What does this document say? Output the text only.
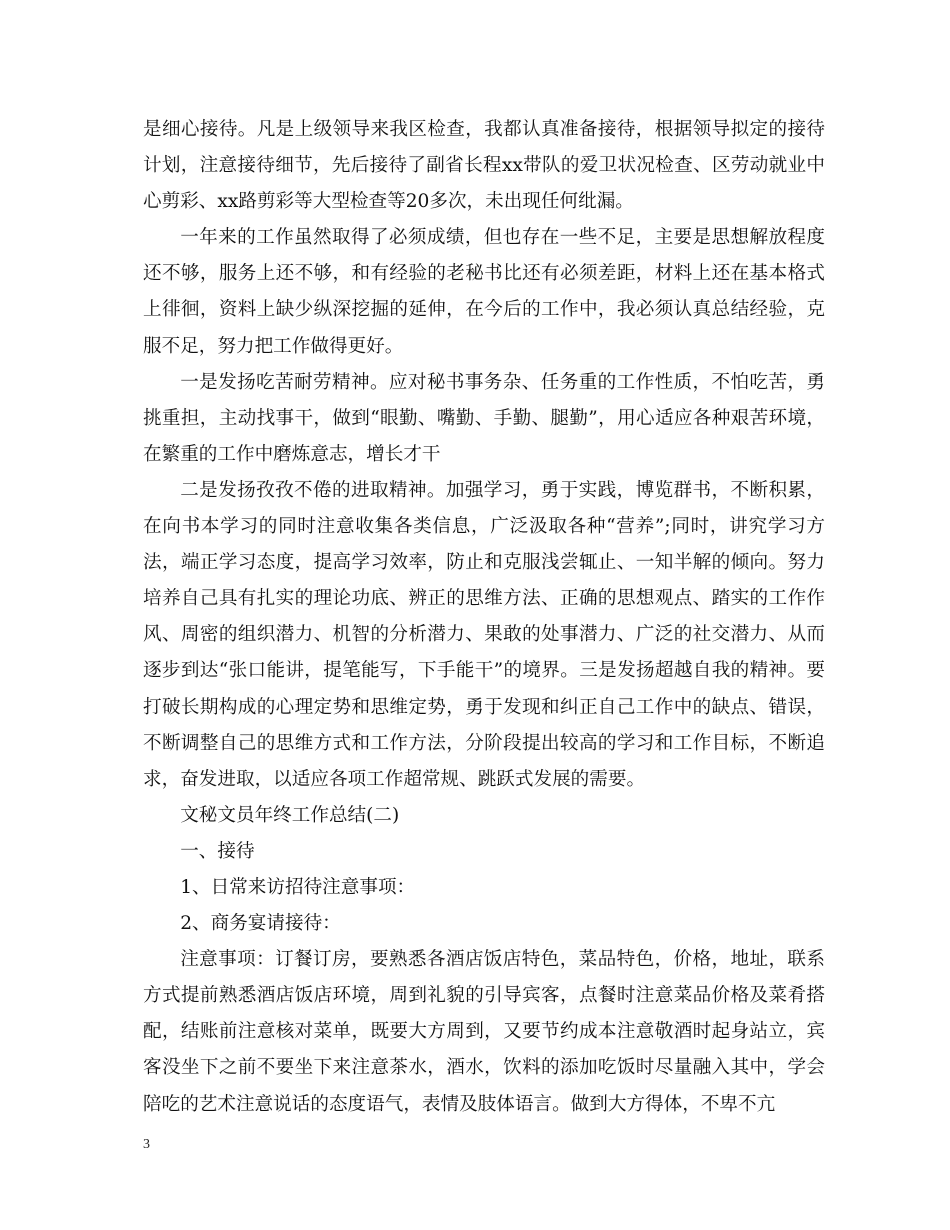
是细心接待。凡是上级领导来我区检查，我都认真准备接待，根据领导拟定的接待计划，注意接待细节，先后接待了副省长程xx带队的爱卫状况检查、区劳动就业中心剪彩、xx路剪彩等大型检查等20多次，未出现任何纰漏。

一年来的工作虽然取得了必须成绩，但也存在一些不足，主要是思想解放程度还不够，服务上还不够，和有经验的老秘书比还有必须差距，材料上还在基本格式上徘徊，资料上缺少纵深挖掘的延伸，在今后的工作中，我必须认真总结经验，克服不足，努力把工作做得更好。

一是发扬吃苦耐劳精神。应对秘书事务杂、任务重的工作性质，不怕吃苦，勇挑重担，主动找事干，做到“眼勤、嘴勤、手勤、腿勤”，用心适应各种艰苦环境，在繁重的工作中磨炼意志，增长才干

二是发扬孜孜不倦的进取精神。加强学习，勇于实践，博览群书，不断积累，在向书本学习的同时注意收集各类信息，广泛汲取各种“营养”;同时，讲究学习方法，端正学习态度，提高学习效率，防止和克服浅尝辄止、一知半解的倾向。努力培养自己具有扎实的理论功底、辨正的思维方法、正确的思想观点、踏实的工作作风、周密的组织潜力、机智的分析潜力、果敢的处事潜力、广泛的社交潜力、从而逐步到达“张口能讲，提笔能写，下手能干”的境界。三是发扬超越自我的精神。要打破长期构成的心理定势和思维定势，勇于发现和纠正自己工作中的缺点、错误，不断调整自己的思维方式和工作方法，分阶段提出较高的学习和工作目标，不断追求，奋发进取，以适应各项工作超常规、跳跃式发展的需要。

文秘文员年终工作总结(二)

一、接待

1、日常来访招待注意事项：

2、商务宴请接待：

注意事项：订餐订房，要熟悉各酒店饭店特色，菜品特色，价格，地址，联系方式提前熟悉酒店饭店环境，周到礼貌的引导宾客，点餐时注意菜品价格及菜肴搭配，结账前注意核对菜单，既要大方周到，又要节约成本注意敬酒时起身站立，宾客没坐下之前不要坐下来注意茶水，酒水，饮料的添加吃饭时尽量融入其中，学会陪吃的艺术注意说话的态度语气，表情及肢体语言。做到大方得体，不卑不亢

3
